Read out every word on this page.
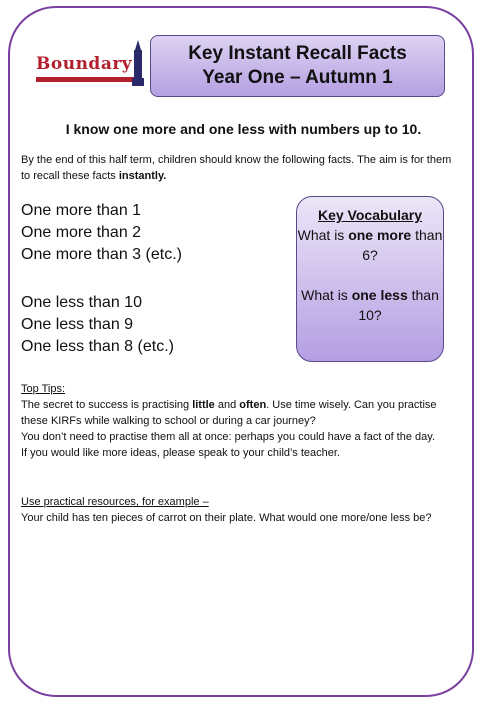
Boundary	Key Instant Recall Facts
Year One – Autumn 1
I know one more and one less with numbers up to 10.
By the end of this half term, children should know the following facts. The aim is for them to recall these facts instantly.
One more than 1
One more than 2
One more than 3 (etc.)
One less than 10
One less than 9
One less than 8 (etc.)
Key Vocabulary
What is one more than 6?
What is one less than 10?
Top Tips:
The secret to success is practising little and often. Use time wisely. Can you practise these KIRFs while walking to school or during a car journey?
You don’t need to practise them all at once: perhaps you could have a fact of the day.
If you would like more ideas, please speak to your child’s teacher.
Use practical resources, for example –
Your child has ten pieces of carrot on their plate. What would one more/one less be?
